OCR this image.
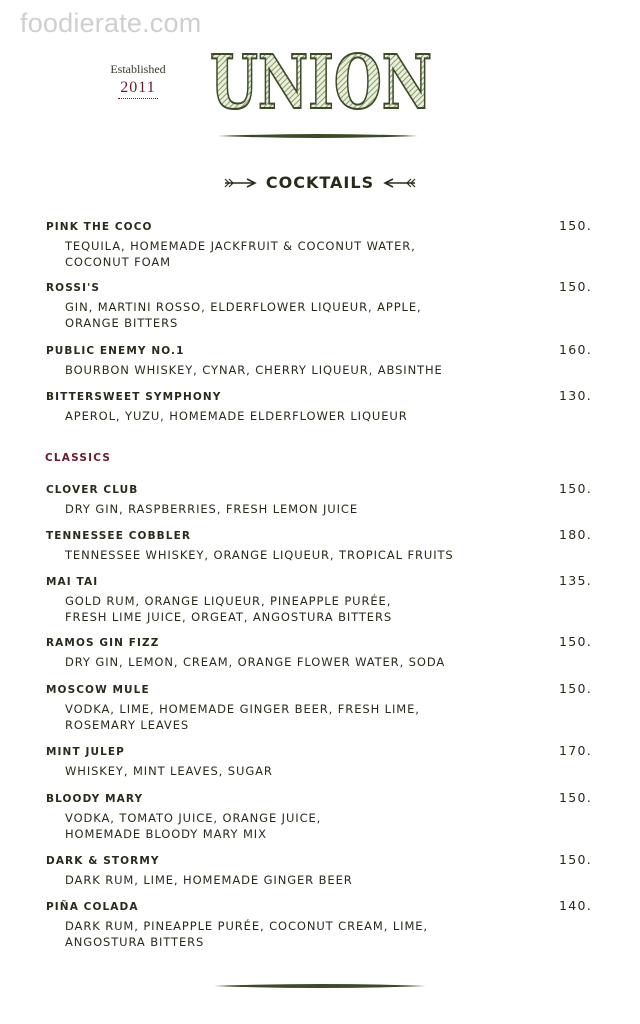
foodierate.com
Established
2011 UNION
COCKTAILS
PINK THE COCO	150.
TEQUILA, HOMEMADE JACKFRUIT & COCONUT WATER,
COCONUT FOAM
ROSSI'S	150.
GIN, MARTINI ROSSO, ELDERFLOWER LIQUEUR, APPLE,
ORANGE BITTERS
PUBLIC ENEMY NO.1	160.
BOURBON WHISKEY, CYNAR, CHERRY LIQUEUR, ABSINTHE
BITTERSWEET SYMPHONY	130.
APEROL, YUZU, HOMEMADE ELDERFLOWER LIQUEUR
CLASSICS
CLOVER CLUB	150.
DRY GIN, RASPBERRIES, FRESH LEMON JUICE
TENNESSEE COBBLER	180.
TENNESSEE WHISKEY, ORANGE LIQUEUR, TROPICAL FRUITS
MAI TAI	135.
GOLD RUM, ORANGE LIQUEUR, PINEAPPLE PURÉE,
FRESH LIME JUICE, ORGEAT, ANGOSTURA BITTERS
RAMOS GIN FIZZ	150.
DRY GIN, LEMON, CREAM, ORANGE FLOWER WATER, SODA
MOSCOW MULE	150.
VODKA, LIME, HOMEMADE GINGER BEER, FRESH LIME,
ROSEMARY LEAVES
MINT JULEP	170.
WHISKEY, MINT LEAVES, SUGAR
BLOODY MARY	150.
VODKA, TOMATO JUICE, ORANGE JUICE,
HOMEMADE BLOODY MARY MIX
DARK & STORMY	150.
DARK RUM, LIME, HOMEMADE GINGER BEER
PIÑA COLADA	140.
DARK RUM, PINEAPPLE PURÉE, COCONUT CREAM, LIME,
ANGOSTURA BITTERS
